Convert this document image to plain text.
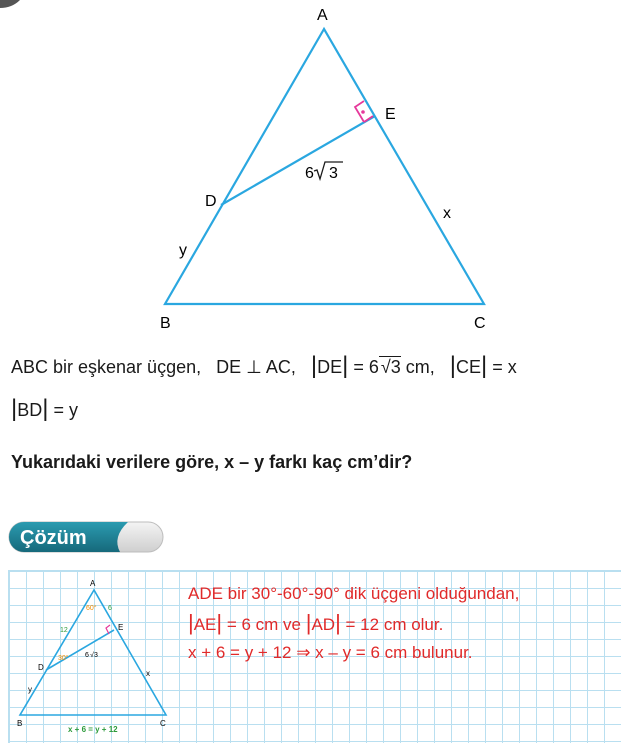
A
B	C
D
E
x
y
6 3
ABC bir eşkenar üçgen, DE ⊥ AC, |DE| = 6 √3 cm, |CE| = x
|BD| = y
Yukarıdaki verilere göre, x – y farkı kaç cm’dir?
Çözüm
A
B	C
D
E
60°
30°
6
12
6 3
√
x
y
x + 6 = y + 12
ADE bir 30°-60°-90° dik üçgeni olduğundan,
|AE| = 6 cm ve |AD| = 12 cm olur.
x + 6 = y + 12 ⇒ x – y = 6 cm bulunur.
